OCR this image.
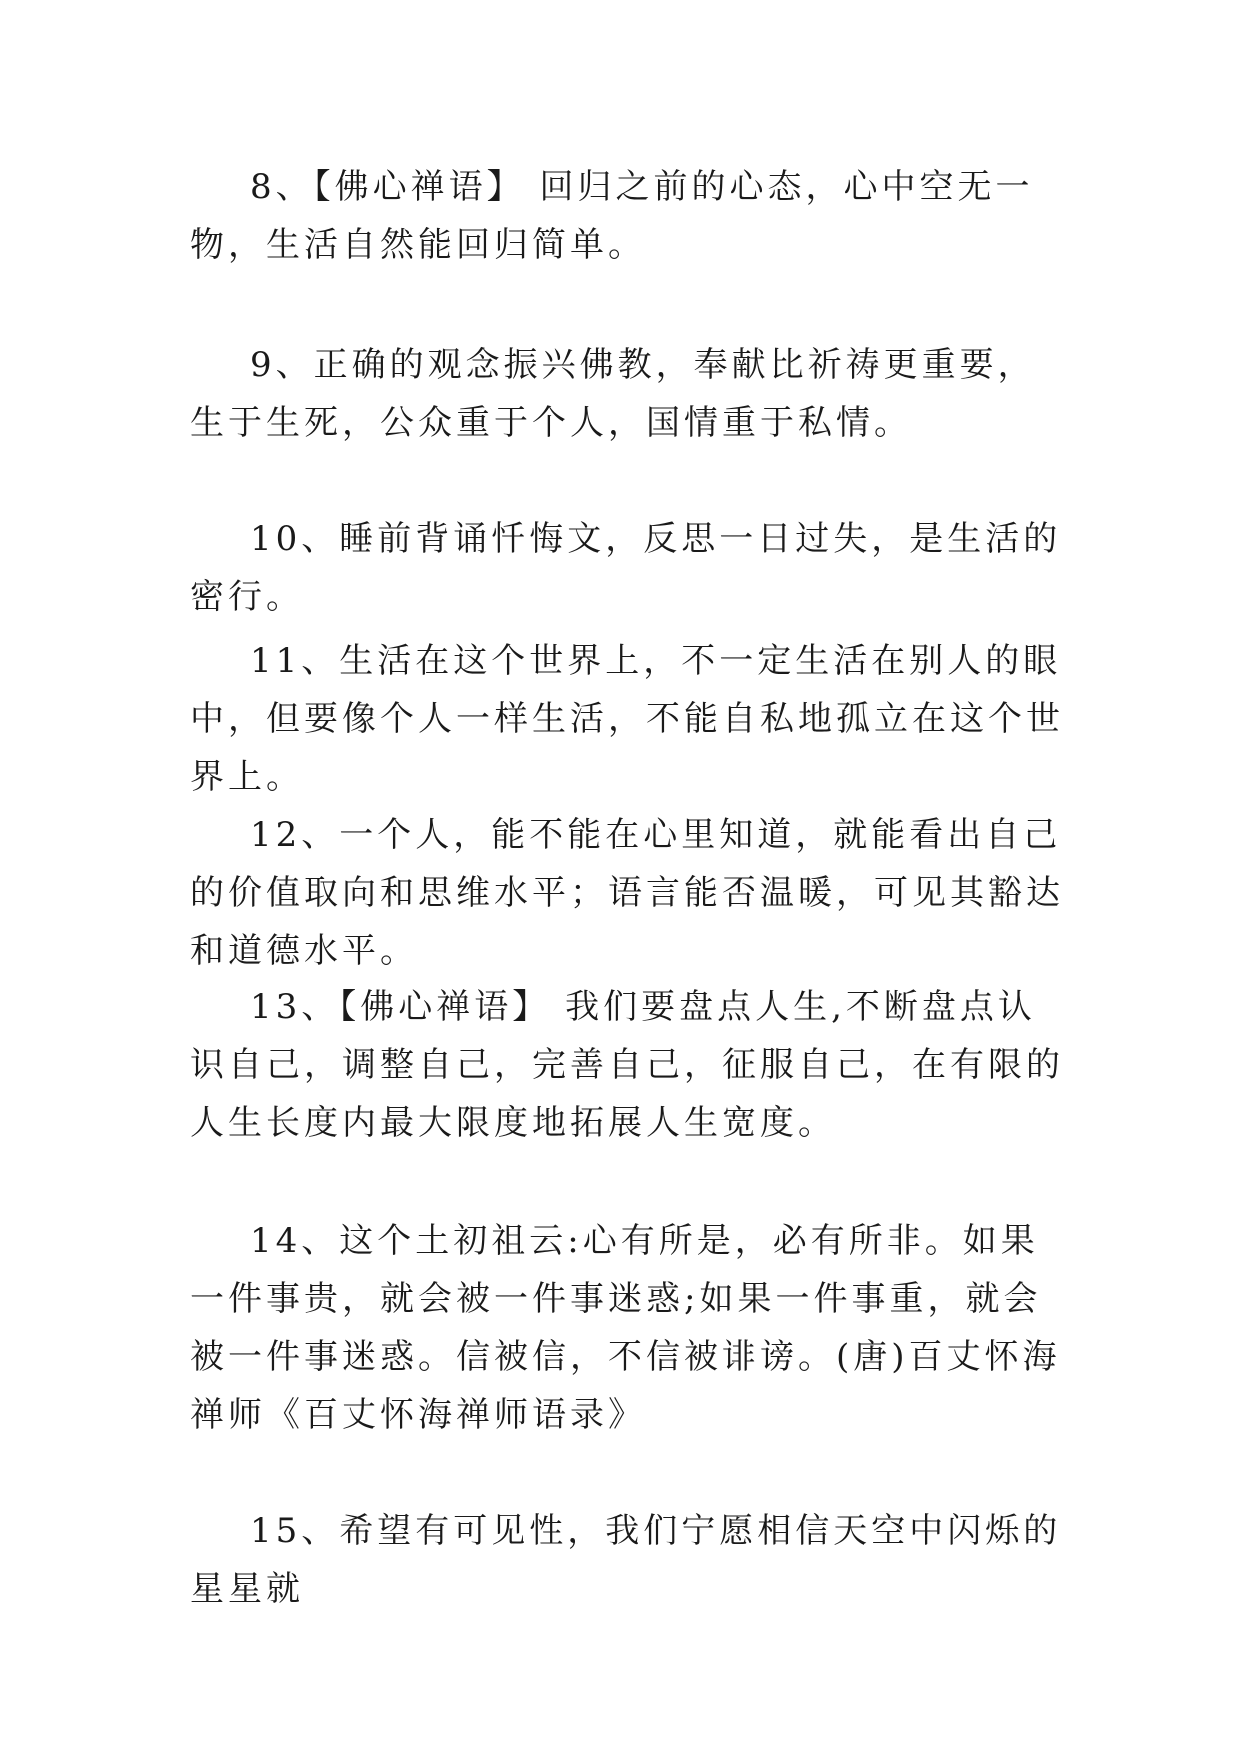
8、【佛心禅语】 回归之前的心态，心中空无一物，生活自然能回归简单。

9、正确的观念振兴佛教，奉献比祈祷更重要，生于生死，公众重于个人，国情重于私情。

10、睡前背诵忏悔文，反思一日过失，是生活的密行。

11、生活在这个世界上，不一定生活在别人的眼中，但要像个人一样生活，不能自私地孤立在这个世界上。

12、一个人，能不能在心里知道，就能看出自己的价值取向和思维水平；语言能否温暖，可见其豁达和道德水平。

13、【佛心禅语】 我们要盘点人生,不断盘点认识自己，调整自己，完善自己，征服自己，在有限的人生长度内最大限度地拓展人生宽度。

14、这个土初祖云:心有所是，必有所非。如果一件事贵，就会被一件事迷惑;如果一件事重，就会被一件事迷惑。信被信，不信被诽谤。(唐)百丈怀海禅师《百丈怀海禅师语录》

15、希望有可见性，我们宁愿相信天空中闪烁的星星就
